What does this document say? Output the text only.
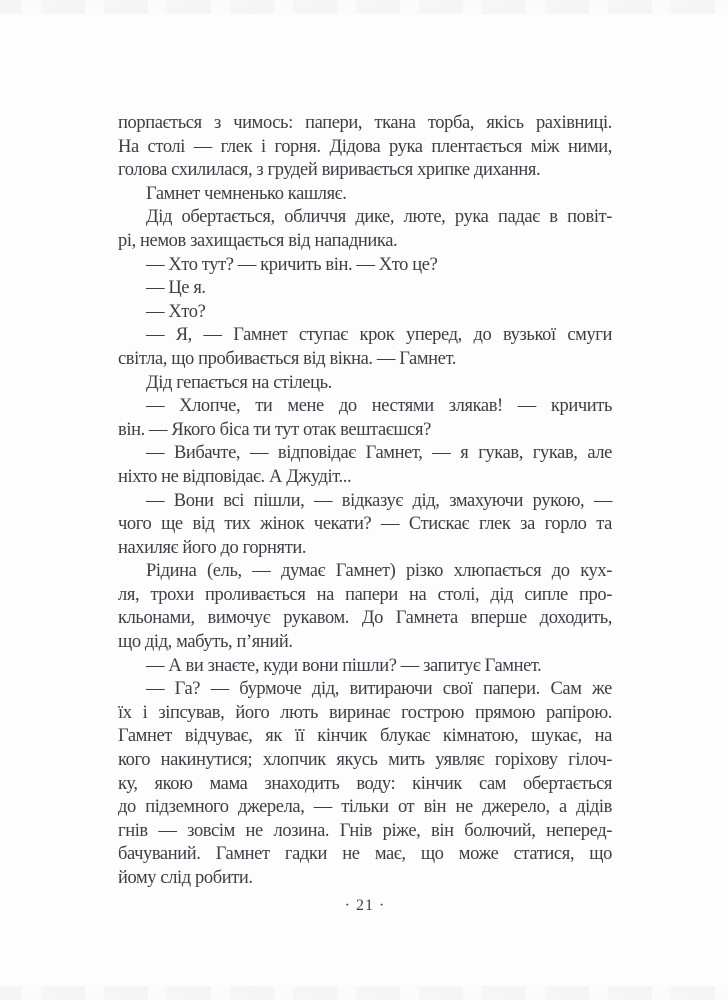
порпається з чимось: папери, ткана торба, якісь рахівниці.
На столі — глек і горня. Дідова рука плентається між ними,
голова схилилася, з грудей виривається хрипке дихання.
Гамнет чемненько кашляє.
Дід обертається, обличчя дике, люте, рука падає в повіт-
рі, немов захищається від нападника.
— Хто тут? — кричить він. — Хто це?
— Це я.
— Хто?
— Я, — Гамнет ступає крок уперед, до вузької смуги
світла, що пробивається від вікна. — Гамнет.
Дід гепається на стілець.
— Хлопче, ти мене до нестями злякав! — кричить
він. — Якого біса ти тут отак вештаєшся?
— Вибачте, — відповідає Гамнет, — я гукав, гукав, але
ніхто не відповідає. А Джудіт...
— Вони всі пішли, — відказує дід, змахуючи рукою, —
чого ще від тих жінок чекати? — Стискає глек за горло та
нахиляє його до горняти.
Рідина (ель, — думає Гамнет) різко хлюпається до кух-
ля, трохи проливається на папери на столі, дід сипле про-
кльонами, вимочує рукавом. До Гамнета вперше доходить,
що дід, мабуть, п’яний.
— А ви знаєте, куди вони пішли? — запитує Гамнет.
— Га? — бурмоче дід, витираючи свої папери. Сам же
їх і зіпсував, його лють виринає гострою прямою рапірою.
Гамнет відчуває, як її кінчик блукає кімнатою, шукає, на
кого накинутися; хлопчик якусь мить уявляє горіхову гілоч-
ку, якою мама знаходить воду: кінчик сам обертається
до підземного джерела, — тільки от він не джерело, а дідів
гнів — зовсім не лозина. Гнів ріже, він болючий, неперед-
бачуваний. Гамнет гадки не має, що може статися, що
йому слід робити.
· 21 ·
